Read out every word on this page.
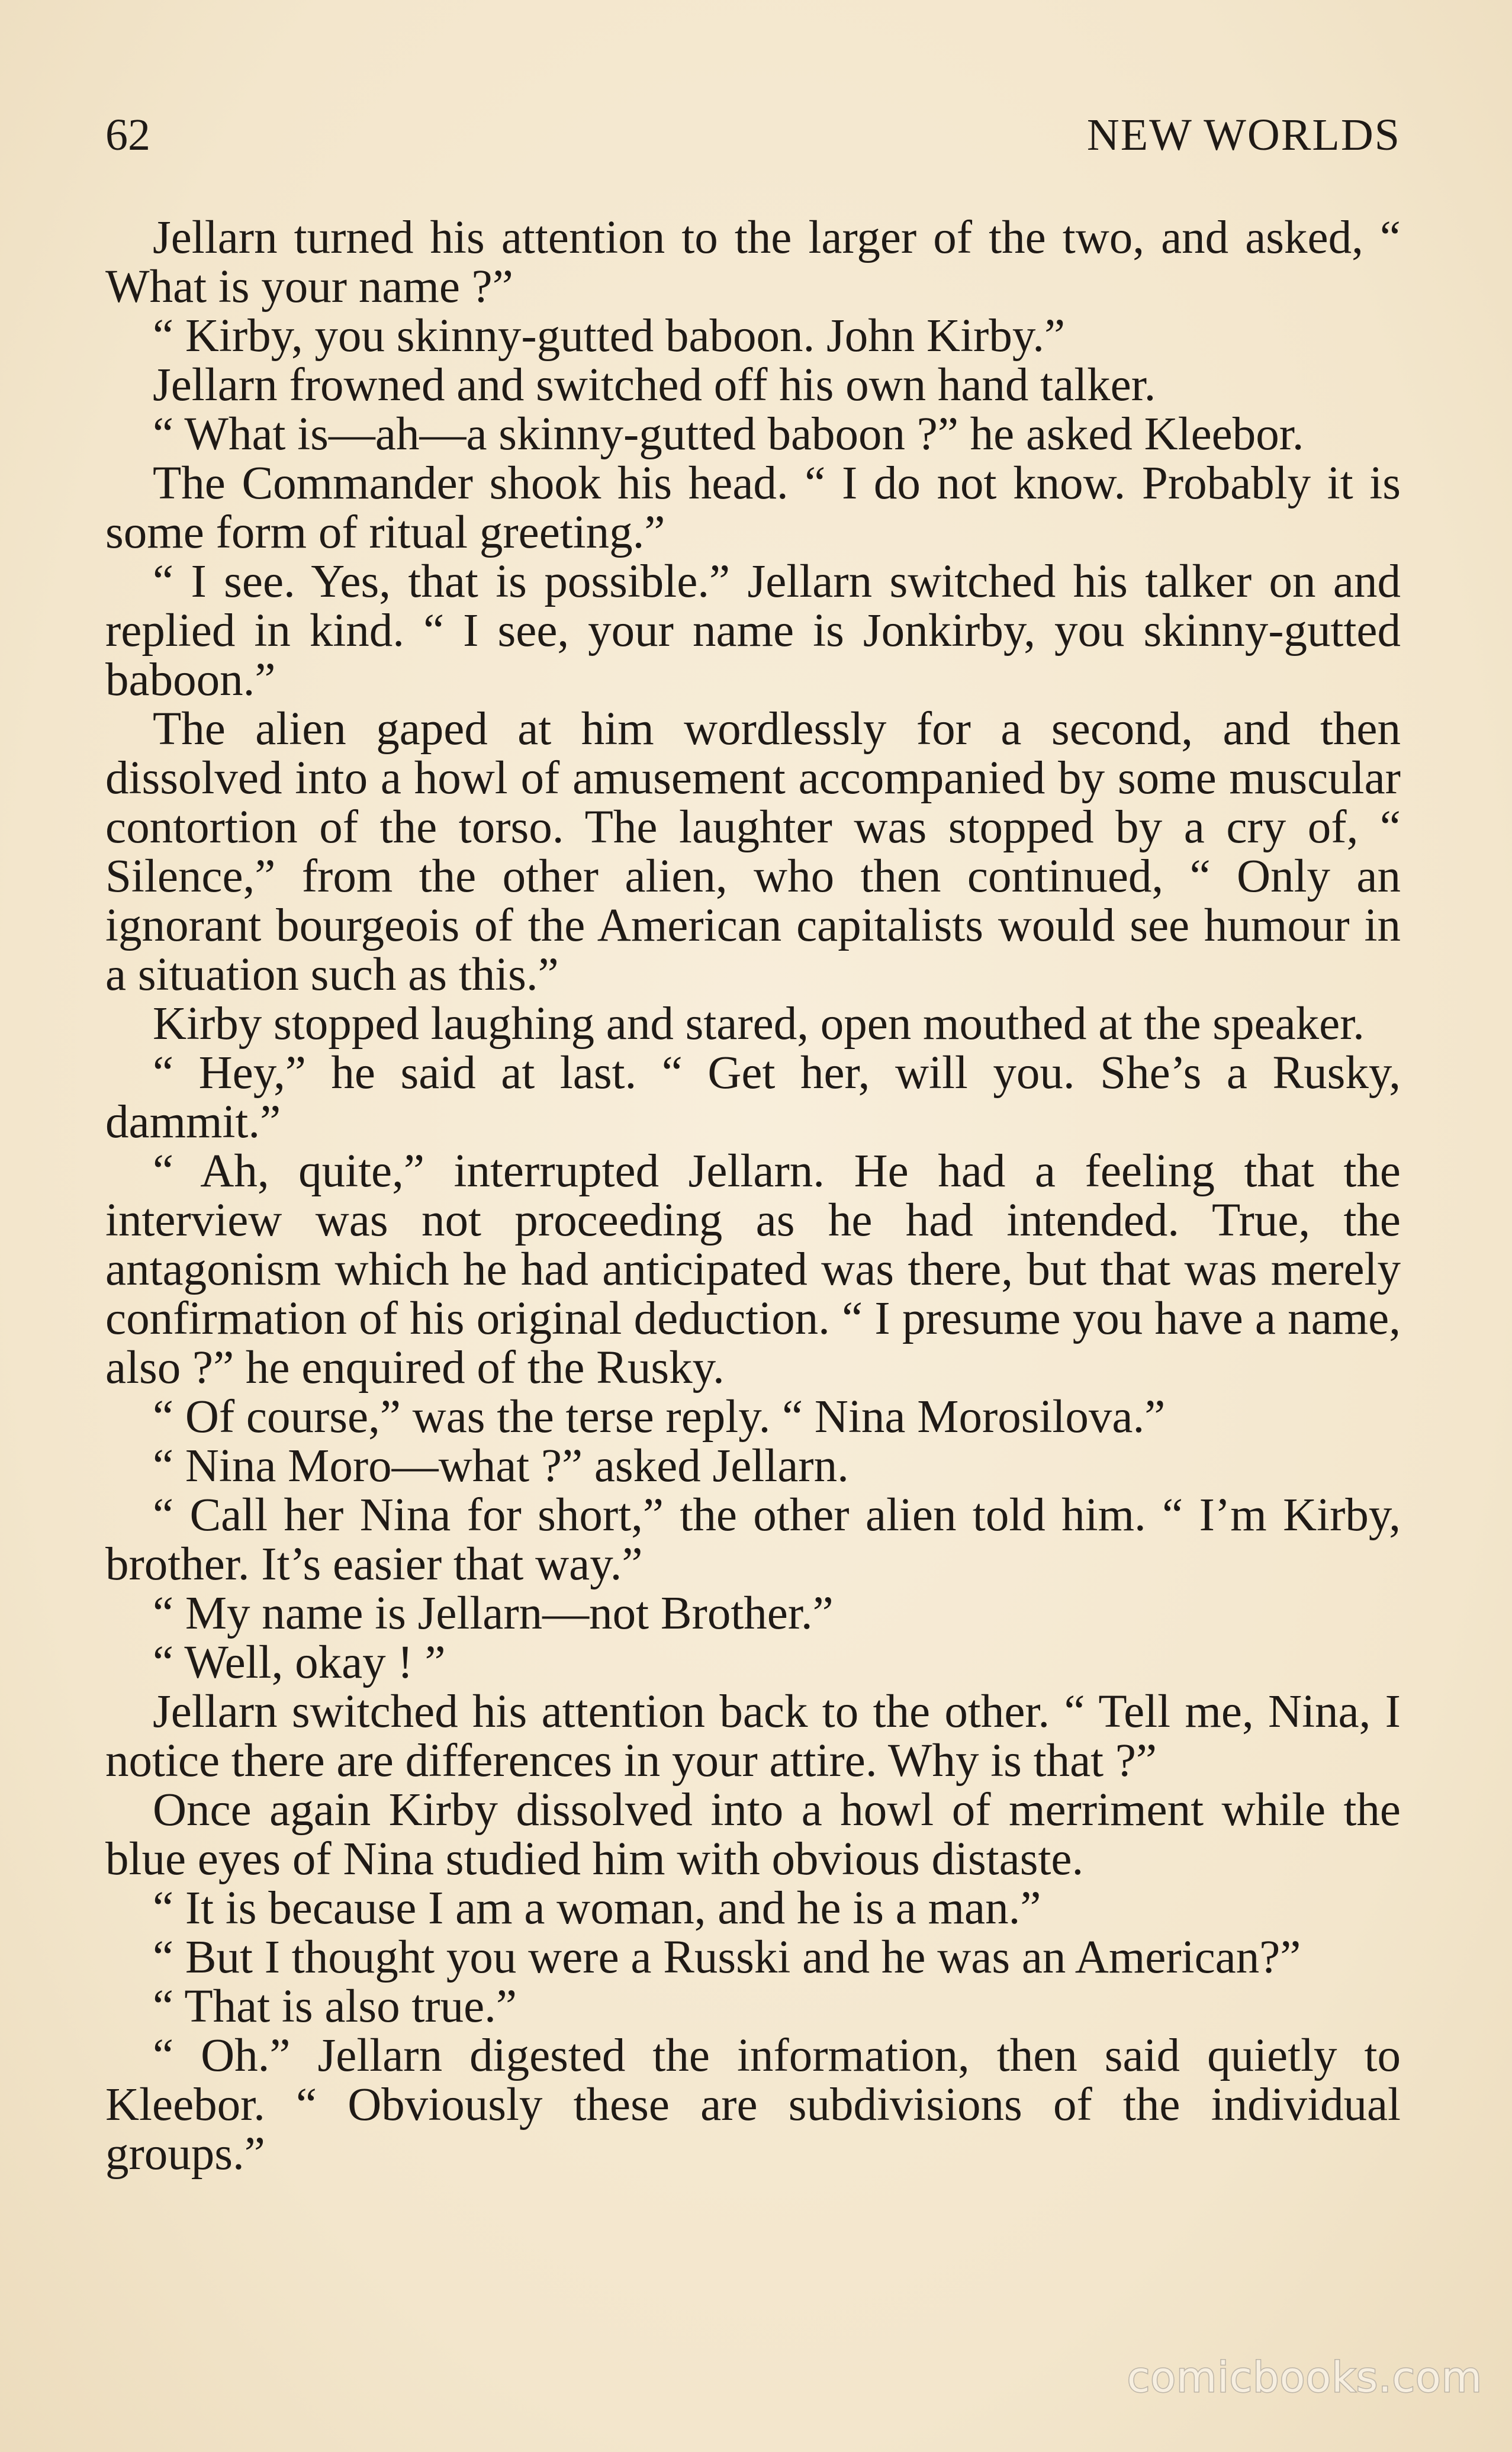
62	NEW WORLDS

Jellarn turned his attention to the larger of the two, and asked, “ What is your name ?”

“ Kirby, you skinny-gutted baboon. John Kirby.”

Jellarn frowned and switched off his own hand talker.

“ What is—ah—a skinny-gutted baboon ?” he asked Kleebor.

The Commander shook his head. “ I do not know. Probably it is some form of ritual greeting.”

“ I see. Yes, that is possible.” Jellarn switched his talker on and replied in kind. “ I see, your name is Jonkirby, you skinny-gutted baboon.”

The alien gaped at him wordlessly for a second, and then dissolved into a howl of amusement accompanied by some muscular contortion of the torso. The laughter was stopped by a cry of, “ Silence,” from the other alien, who then continued, “ Only an ignorant bourgeois of the American capitalists would see humour in a situation such as this.”

Kirby stopped laughing and stared, open mouthed at the speaker.

“ Hey,” he said at last. “ Get her, will you. She’s a Rusky, dammit.”

“ Ah, quite,” interrupted Jellarn. He had a feeling that the interview was not proceeding as he had intended. True, the antagonism which he had anticipated was there, but that was merely confirmation of his original deduction. “ I presume you have a name, also ?” he enquired of the Rusky.

“ Of course,” was the terse reply. “ Nina Morosilova.”

“ Nina Moro—what ?” asked Jellarn.

“ Call her Nina for short,” the other alien told him. “ I’m Kirby, brother. It’s easier that way.”

“ My name is Jellarn—not Brother.”

“ Well, okay ! ”

Jellarn switched his attention back to the other. “ Tell me, Nina, I notice there are differences in your attire. Why is that ?”

Once again Kirby dissolved into a howl of merriment while the blue eyes of Nina studied him with obvious distaste.

“ It is because I am a woman, and he is a man.”

“ But I thought you were a Russki and he was an American?”

“ That is also true.”

“ Oh.” Jellarn digested the information, then said quietly to Kleebor. “ Obviously these are subdivisions of the individual groups.”

comicbooks.com
